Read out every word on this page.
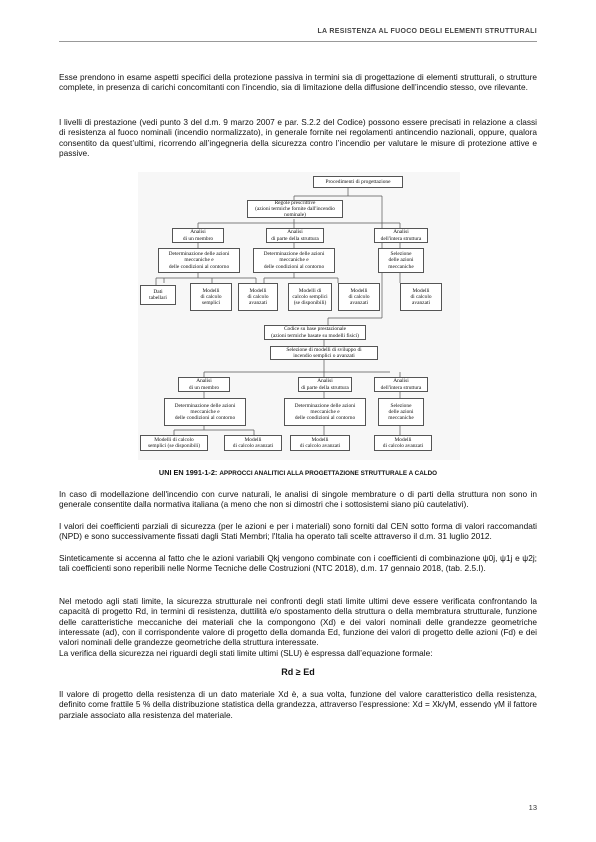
LA RESISTENZA AL FUOCO DEGLI ELEMENTI STRUTTURALI
Esse prendono in esame aspetti specifici della protezione passiva in termini sia di progettazione di elementi strutturali, o strutture complete, in presenza di carichi concomitanti con l’incendio, sia di limitazione della diffusione dell’incendio stesso, ove rilevante.
I livelli di prestazione (vedi punto 3 del d.m. 9 marzo 2007 e par. S.2.2 del Codice) possono essere precisati in relazione a classi di resistenza al fuoco nominali (incendio normalizzato), in generale fornite nei regolamenti antincendio nazionali, oppure, qualora consentito da quest’ultimi, ricorrendo all’ingegneria della sicurezza contro l’incendio per valutare le misure di protezione attive e passive.
Procedimenti di progettazione
Regole prescrittive
(azioni termiche fornite dall'incendio nominale)
Analisi
di un membro
Analisi
di parte della struttura
Analisi
dell'intera struttura
Determinazione delle azioni
meccaniche e
delle condizioni al contorno
Determinazione delle azioni
meccaniche e
delle condizioni al contorno
Selezione
delle azioni
meccaniche
Dati
tabellari
Modelli
di calcolo
semplici
Modelli
di calcolo
avanzati
Modelli di
calcolo semplici
(se disponibili)
Modelli
di calcolo
avanzati
Modelli
di calcolo
avanzati
Codice su base prestazionale
(azioni termiche basate su modelli fisici)
Selezione di modelli di sviluppo di
incendio semplici o avanzati
Analisi
di un membro
Analisi
di parte della struttura
Analisi
dell'intera struttura
Determinazione delle azioni
meccaniche e
delle condizioni al contorno
Determinazione delle azioni
meccaniche e
delle condizioni al contorno
Selezione
delle azioni
meccaniche
Modelli di calcolo
semplici (se disponibili)
Modelli
di calcolo avanzati
Modelli
di calcolo avanzati
Modelli
di calcolo avanzati
UNI EN 1991-1-2: APPROCCI ANALITICI ALLA PROGETTAZIONE STRUTTURALE A CALDO
In caso di modellazione dell'incendio con curve naturali, le analisi di singole membrature o di parti della struttura non sono in generale consentite dalla normativa italiana (a meno che non si dimostri che i sottosistemi siano più cautelativi).
I valori dei coefficienti parziali di sicurezza (per le azioni e per i materiali) sono forniti dal CEN sotto forma di valori raccomandati (NPD) e sono successivamente fissati dagli Stati Membri; l'Italia ha operato tali scelte attraverso il d.m. 31 luglio 2012.
Sinteticamente si accenna al fatto che le azioni variabili Qkj vengono combinate con i coefficienti di combinazione ψ0j, ψ1j e ψ2j; tali coefficienti sono reperibili nelle Norme Tecniche delle Costruzioni (NTC 2018), d.m. 17 gennaio 2018, (tab. 2.5.I).
Nel metodo agli stati limite, la sicurezza strutturale nei confronti degli stati limite ultimi deve essere verificata confrontando la capacità di progetto Rd, in termini di resistenza, duttilità e/o spostamento della struttura o della membratura strutturale, funzione delle caratteristiche meccaniche dei materiali che la compongono (Xd) e dei valori nominali delle grandezze geometriche interessate (ad), con il corrispondente valore di progetto della domanda Ed, funzione dei valori di progetto delle azioni (Fd) e dei valori nominali delle grandezze geometriche della struttura interessate.
La verifica della sicurezza nei riguardi degli stati limite ultimi (SLU) è espressa dall’equazione formale:
Rd ≥ Ed
Il valore di progetto della resistenza di un dato materiale Xd è, a sua volta, funzione del valore caratteristico della resistenza, definito come frattile 5 % della distribuzione statistica della grandezza, attraverso l’espressione: Xd = Xk/γM, essendo γM il fattore parziale associato alla resistenza del materiale.
13
